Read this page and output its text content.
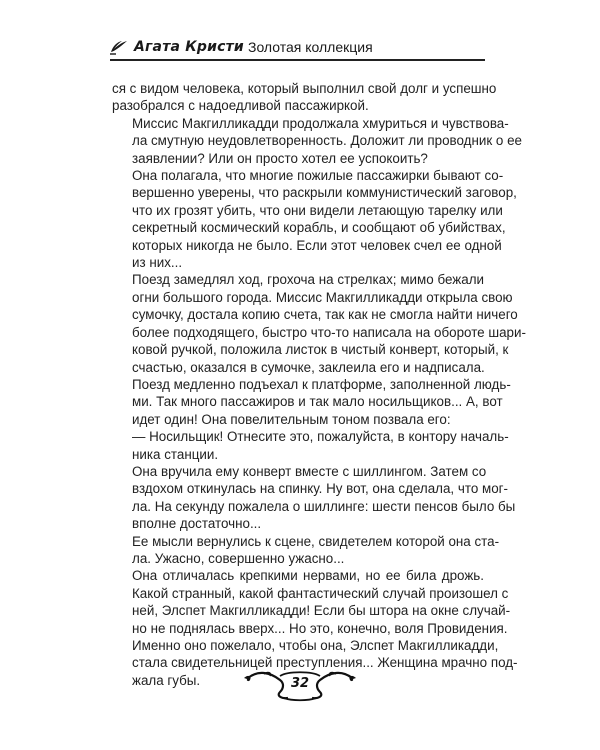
Агата Кристи Золотая коллекция

ся с видом человека, который выполнил свой долг и успешно
разобрался с надоедливой пассажиркой.

Миссис Макгилликадди продолжала хмуриться и чувствова-
ла смутную неудовлетворенность. Доложит ли проводник о ее
заявлении? Или он просто хотел ее успокоить?

Она полагала, что многие пожилые пассажирки бывают со-
вершенно уверены, что раскрыли коммунистический заговор,
что их грозят убить, что они видели летающую тарелку или
секретный космический корабль, и сообщают об убийствах,
которых никогда не было. Если этот человек счел ее одной
из них...

Поезд замедлял ход, грохоча на стрелках; мимо бежали
огни большого города. Миссис Макгилликадди открыла свою
сумочку, достала копию счета, так как не смогла найти ничего
более подходящего, быстро что-то написала на обороте шари-
ковой ручкой, положила листок в чистый конверт, который, к
счастью, оказался в сумочке, заклеила его и надписала.

Поезд медленно подъехал к платформе, заполненной людь-
ми. Так много пассажиров и так мало носильщиков... А, вот
идет один! Она повелительным тоном позвала его:

— Носильщик! Отнесите это, пожалуйста, в контору началь-
ника станции.

Она вручила ему конверт вместе с шиллингом. Затем со
вздохом откинулась на спинку. Ну вот, она сделала, что мог-
ла. На секунду пожалела о шиллинге: шести пенсов было бы
вполне достаточно...

Ее мысли вернулись к сцене, свидетелем которой она ста-
ла. Ужасно, совершенно ужасно...

Она отличалась крепкими нервами, но ее била дрожь.
Какой странный, какой фантастический случай произошел с
ней, Элспет Макгилликадди! Если бы штора на окне случай-
но не поднялась вверх... Но это, конечно, воля Провидения.
Именно оно пожелало, чтобы она, Элспет Макгилликадди,
стала свидетельницей преступления... Женщина мрачно под-
жала губы.	32
